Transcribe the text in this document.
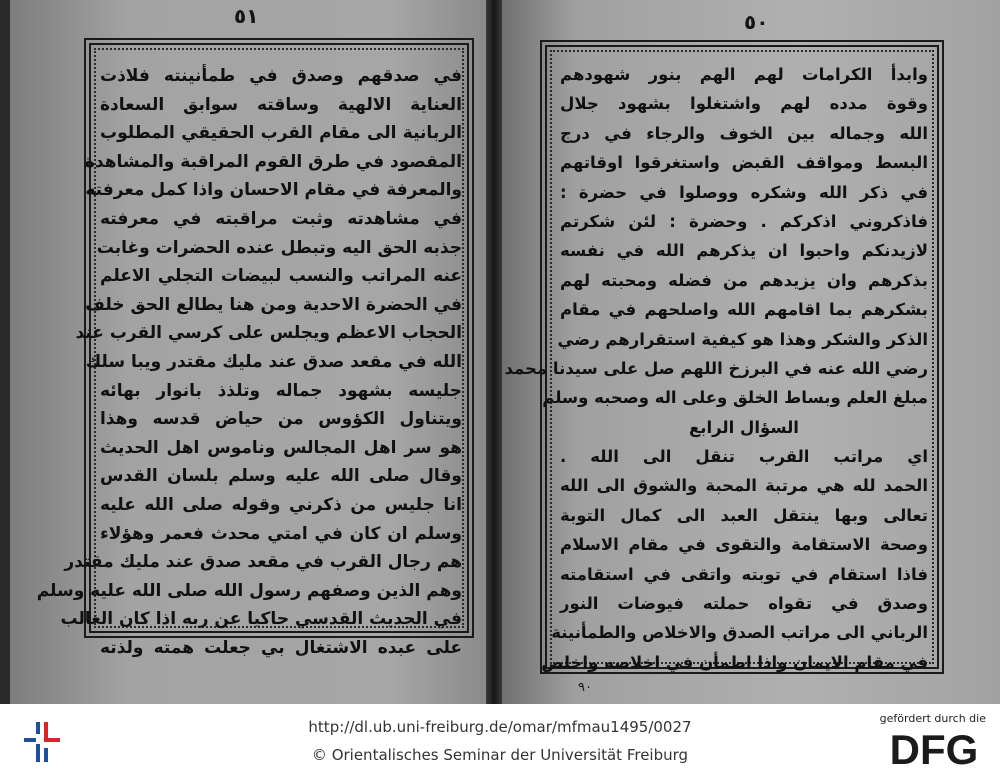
٥١	٥٠
في صدقهم وصدق في طمأنينته فلاذت
العناية الالهية وساقته سوابق السعادة
الربانية الى مقام القرب الحقيقي المطلوب
المقصود في طرق القوم المراقبة والمشاهدة
والمعرفة في مقام الاحسان واذا كمل معرفته
في مشاهدته وثبت مراقبته في معرفته
جذبه الحق اليه وتبطل عنده الحضرات وغابت
عنه المراتب والنسب لبيضات التجلي الاعلم
في الحضرة الاحدية ومن هنا يطالع الحق خلف
الحجاب الاعظم ويجلس على كرسي القرب عند
الله في مقعد صدق عند مليك مقتدر ويبا سلك
جليسه بشهود جماله وتلذذ بانوار بهائه
ويتناول الكؤوس من حياض قدسه وهذا
هو سر اهل المجالس وناموس اهل الحديث
وقال صلى الله عليه وسلم بلسان القدس
انا جليس من ذكرني وقوله صلى الله عليه
وسلم ان كان في امتي محدث فعمر وهؤلاء
هم رجال القرب في مقعد صدق عند مليك مقتدر
وهم الذين وصفهم رسول الله صلى الله عليه وسلم
في الحديث القدسي حاكيا عن ربه اذا كان الغالب
على عبده الاشتغال بي جعلت همته ولذته
وابدأ الكرامات لهم الهم بنور شهودهم
وقوة مدده لهم واشتغلوا بشهود جلال
الله وجماله بين الخوف والرجاء في درج
البسط ومواقف القبض واستغرقوا اوقاتهم
في ذكر الله وشكره ووصلوا في حضرة :
فاذكروني اذكركم . وحضرة : لئن شكرتم
لازيدنكم واحبوا ان يذكرهم الله في نفسه
بذكرهم وان يزيدهم من فضله ومحبته لهم
بشكرهم بما اقامهم الله واصلحهم في مقام
الذكر والشكر وهذا هو كيفية استقرارهم رضي
رضي الله عنه في البرزخ اللهم صل على سيدنا محمد
مبلغ العلم وبساط الخلق وعلى اله وصحبه وسلم
السؤال الرابع
اي مراتب القرب تنقل الى الله .
الحمد لله هي مرتبة المحبة والشوق الى الله
تعالى وبها ينتقل العبد الى كمال التوبة
وصحة الاستقامة والتقوى في مقام الاسلام
فاذا استقام في توبته واتقى في استقامته
وصدق في تقواه حملته فيوضات النور
الرباني الى مراتب الصدق والاخلاص والطمأنينة
في مقام الايمان واذا اطمأن في اخلاصه واخلص
٩٠
http://dl.ub.uni-freiburg.de/omar/mfmau1495/0027
© Orientalisches Seminar der Universität Freiburg
gefördert durch die
DFG
